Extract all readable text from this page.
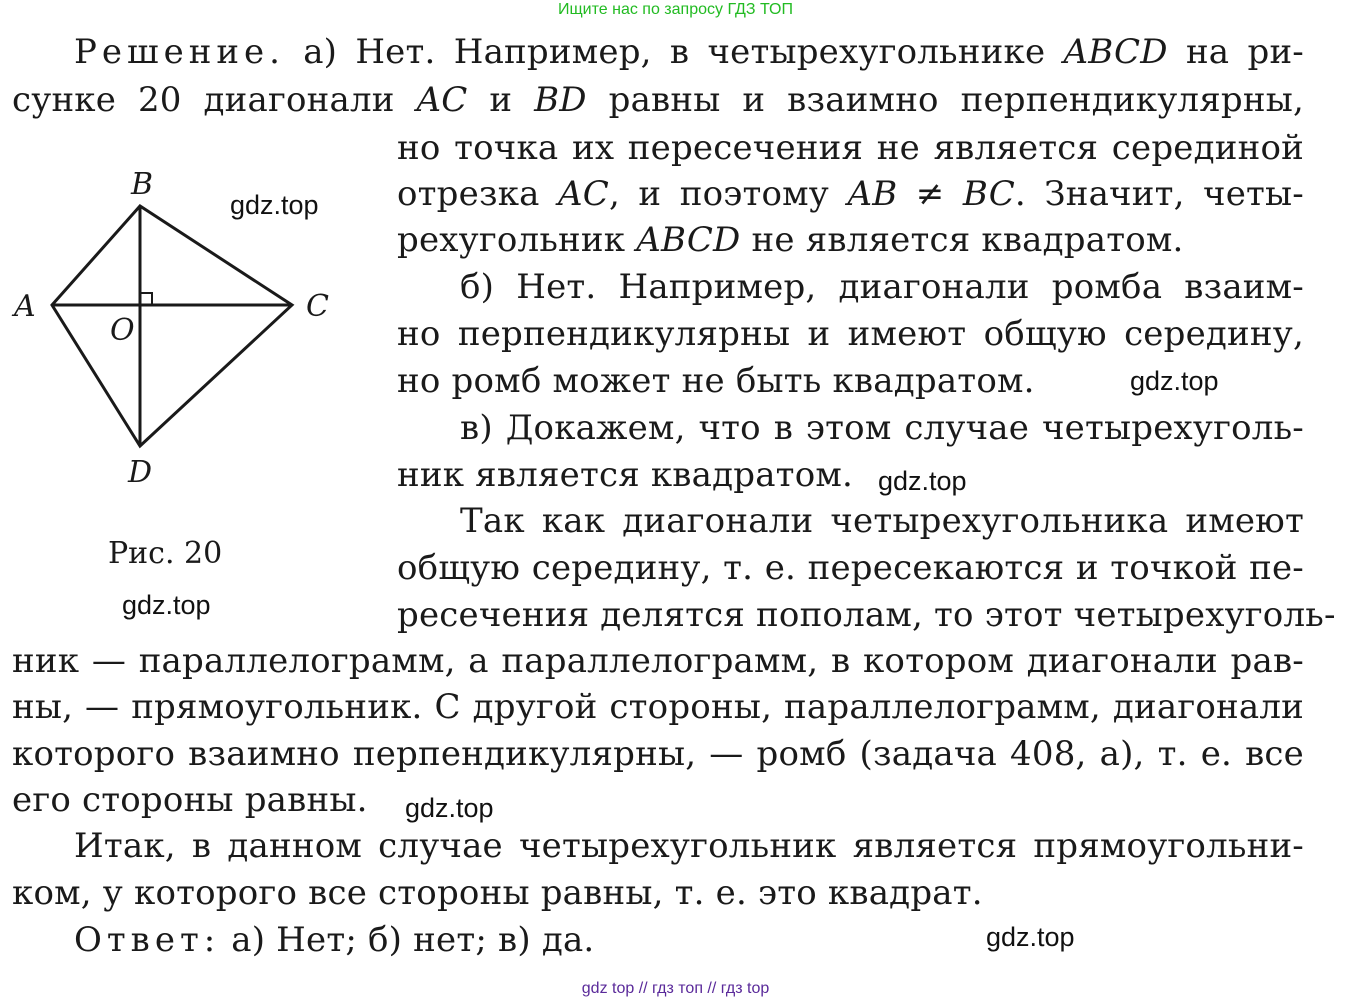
Ищите нас по запросу ГДЗ ТОП
Решение. а) Нет. Например, в четырехугольнике ABCD на ри-
сунке 20 диагонали AC и BD равны и взаимно перпендикулярны,
но точка их пересечения не является серединой
отрезка AC, и поэтому AB ≠ BC. Значит, четы-
рехугольник ABCD не является квадратом.
б) Нет. Например, диагонали ромба взаим-
но перпендикулярны и имеют общую середину,
но ромб может не быть квадратом.
в) Докажем, что в этом случае четырехуголь-
ник является квадратом.
Так как диагонали четырехугольника имеют
общую середину, т. е. пересекаются и точкой пе-
ресечения делятся пополам, то этот четырехуголь-
ник — параллелограмм, а параллелограмм, в котором диагонали рав-
ны, — прямоугольник. С другой стороны, параллелограмм, диагонали
которого взаимно перпендикулярны, — ромб (задача 408, а), т. е. все
его стороны равны.
Итак, в данном случае четырехугольник является прямоугольни-
ком, у которого все стороны равны, т. е. это квадрат.
Ответ: а) Нет; б) нет; в) да.
A
B
C
D
O
Рис. 20
gdz.top
gdz.top
gdz.top
gdz.top
gdz.top
gdz.top
gdz top // гдз топ // гдз top
